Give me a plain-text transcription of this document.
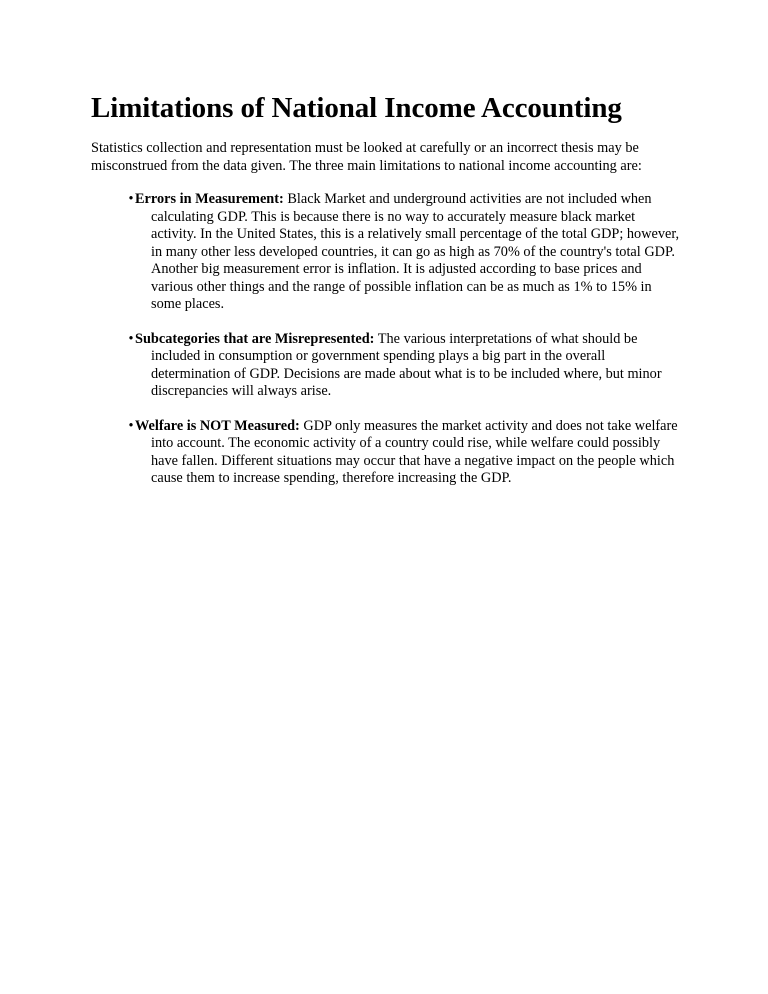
Limitations of National Income Accounting

Statistics collection and representation must be looked at carefully or an incorrect thesis may be misconstrued from the data given. The three main limitations to national income accounting are:

• Errors in Measurement: Black Market and underground activities are not included when calculating GDP. This is because there is no way to accurately measure black market activity. In the United States, this is a relatively small percentage of the total GDP; however, in many other less developed countries, it can go as high as 70% of the country's total GDP. Another big measurement error is inflation. It is adjusted according to base prices and various other things and the range of possible inflation can be as much as 1% to 15% in some places.
• Subcategories that are Misrepresented: The various interpretations of what should be included in consumption or government spending plays a big part in the overall determination of GDP. Decisions are made about what is to be included where, but minor discrepancies will always arise.
• Welfare is NOT Measured: GDP only measures the market activity and does not take welfare into account. The economic activity of a country could rise, while welfare could possibly have fallen. Different situations may occur that have a negative impact on the people which cause them to increase spending, therefore increasing the GDP.
